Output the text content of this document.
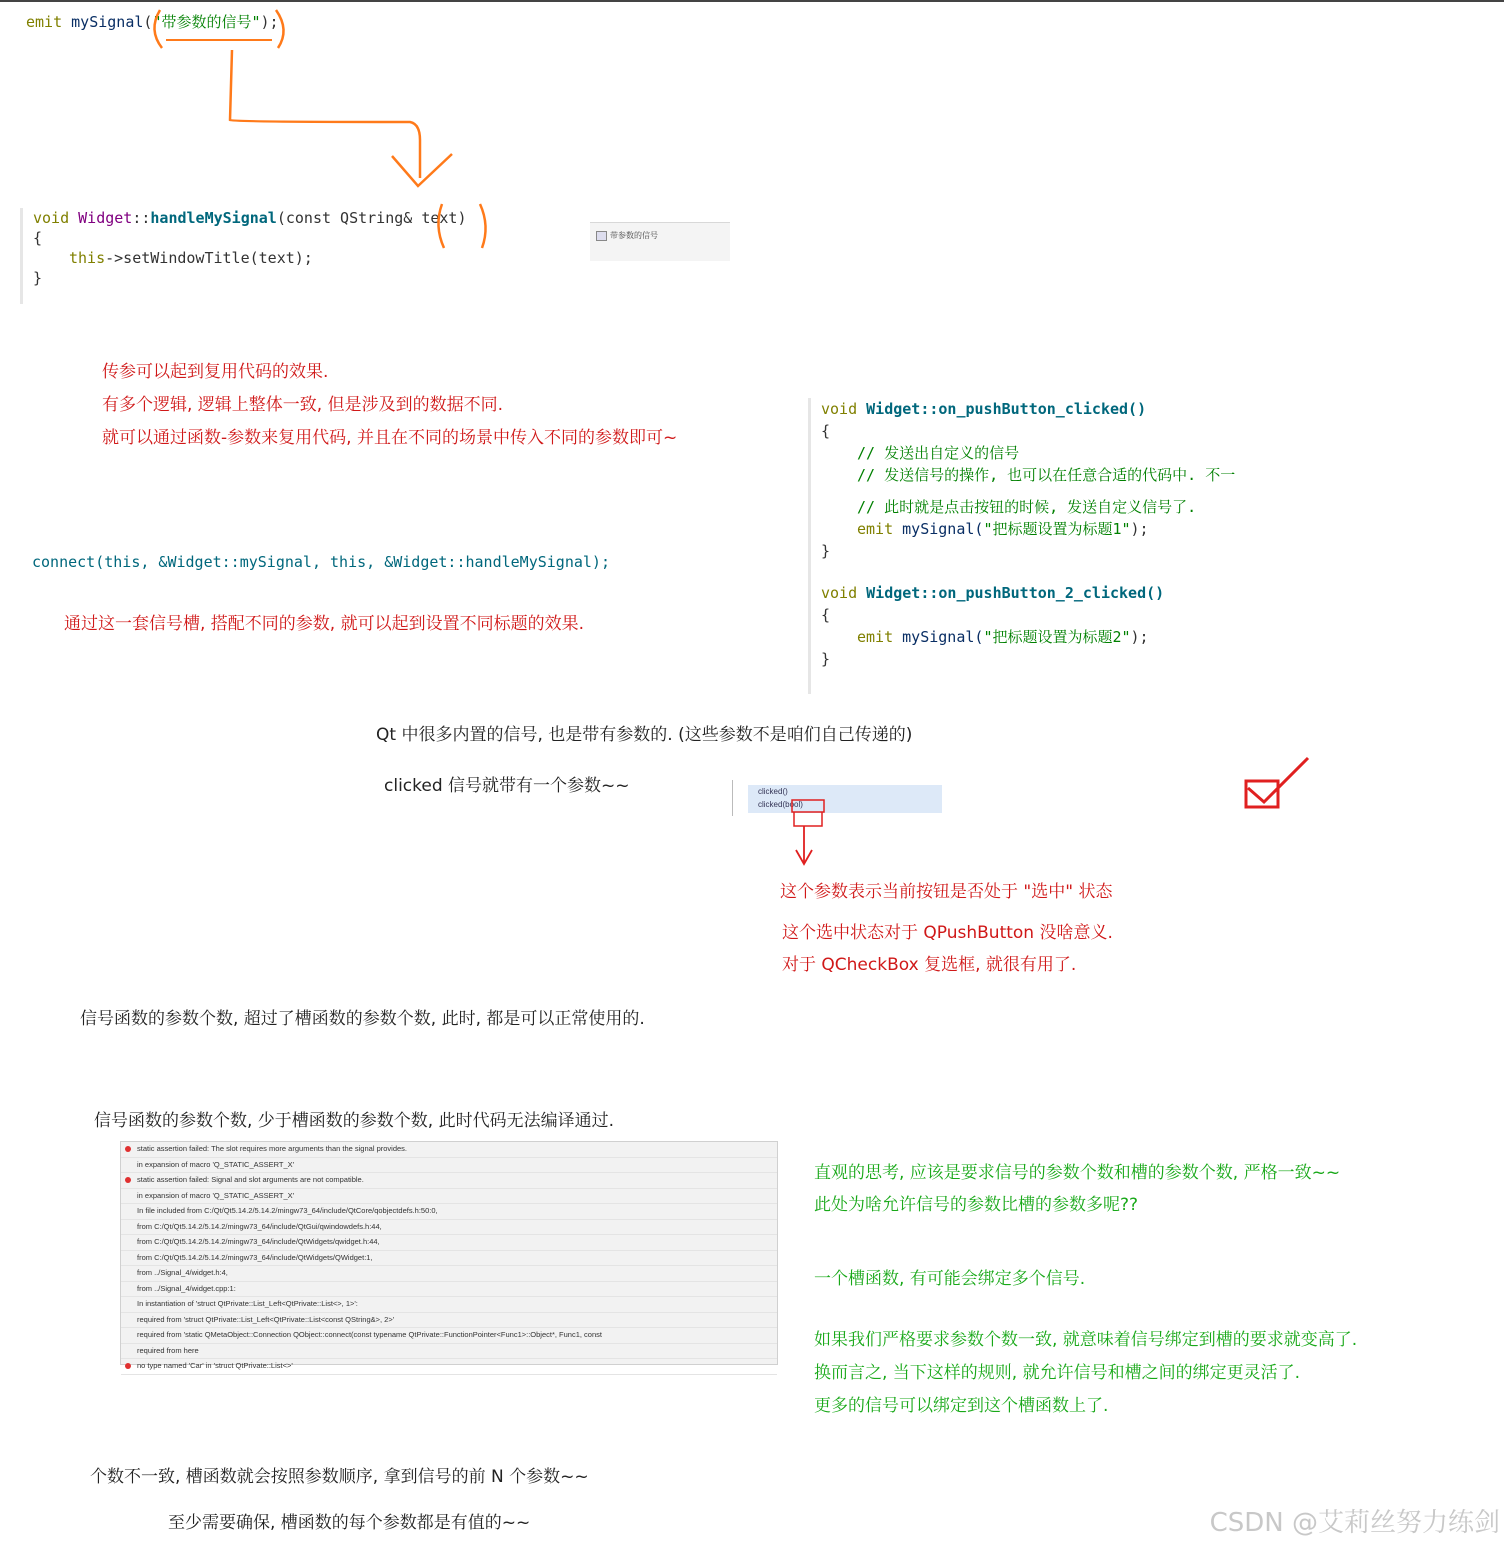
emit mySignal("带参数的信号");
void Widget::handleMySignal(const QString& text)
{
this->setWindowTitle(text);
}
带参数的信号
传参可以起到复用代码的效果.
有多个逻辑, 逻辑上整体一致, 但是涉及到的数据不同.
就可以通过函数-参数来复用代码, 并且在不同的场景中传入不同的参数即可~
connect(this, &Widget::mySignal, this, &Widget::handleMySignal);
通过这一套信号槽, 搭配不同的参数, 就可以起到设置不同标题的效果.
void Widget::on_pushButton_clicked()
{
// 发送出自定义的信号
// 发送信号的操作, 也可以在任意合适的代码中. 不一
// 此时就是点击按钮的时候, 发送自定义信号了.
emit mySignal("把标题设置为标题1");
}
void Widget::on_pushButton_2_clicked()
{
emit mySignal("把标题设置为标题2");
}
Qt 中很多内置的信号, 也是带有参数的. (这些参数不是咱们自己传递的)
clicked 信号就带有一个参数~~	clicked()
clicked(bool)
这个参数表示当前按钮是否处于 "选中" 状态
这个选中状态对于 QPushButton 没啥意义.
对于 QCheckBox 复选框, 就很有用了.
信号函数的参数个数, 超过了槽函数的参数个数, 此时, 都是可以正常使用的.
信号函数的参数个数, 少于槽函数的参数个数, 此时代码无法编译通过.
static assertion failed: The slot requires more arguments than the signal provides.
in expansion of macro 'Q_STATIC_ASSERT_X'
static assertion failed: Signal and slot arguments are not compatible.
in expansion of macro 'Q_STATIC_ASSERT_X'
In file included from C:/Qt/Qt5.14.2/5.14.2/mingw73_64/include/QtCore/qobjectdefs.h:50:0,
from C:/Qt/Qt5.14.2/5.14.2/mingw73_64/include/QtGui/qwindowdefs.h:44,
from C:/Qt/Qt5.14.2/5.14.2/mingw73_64/include/QtWidgets/qwidget.h:44,
from C:/Qt/Qt5.14.2/5.14.2/mingw73_64/include/QtWidgets/QWidget:1,
from ../Signal_4/widget.h:4,
from ../Signal_4/widget.cpp:1:
In instantiation of 'struct QtPrivate::List_Left<QtPrivate::List<>, 1>':
required from 'struct QtPrivate::List_Left<QtPrivate::List<const QString&>, 2>'
required from 'static QMetaObject::Connection QObject::connect(const typename QtPrivate::FunctionPointer<Func1>::Object*, Func1, const
required from here
no type named 'Car' in 'struct QtPrivate::List<>'
直观的思考, 应该是要求信号的参数个数和槽的参数个数, 严格一致~~
此处为啥允许信号的参数比槽的参数多呢??
一个槽函数, 有可能会绑定多个信号.
如果我们严格要求参数个数一致, 就意味着信号绑定到槽的要求就变高了.
换而言之, 当下这样的规则, 就允许信号和槽之间的绑定更灵活了.
更多的信号可以绑定到这个槽函数上了.
个数不一致, 槽函数就会按照参数顺序, 拿到信号的前 N 个参数~~
至少需要确保, 槽函数的每个参数都是有值的~~	CSDN @艾莉丝努力练剑
